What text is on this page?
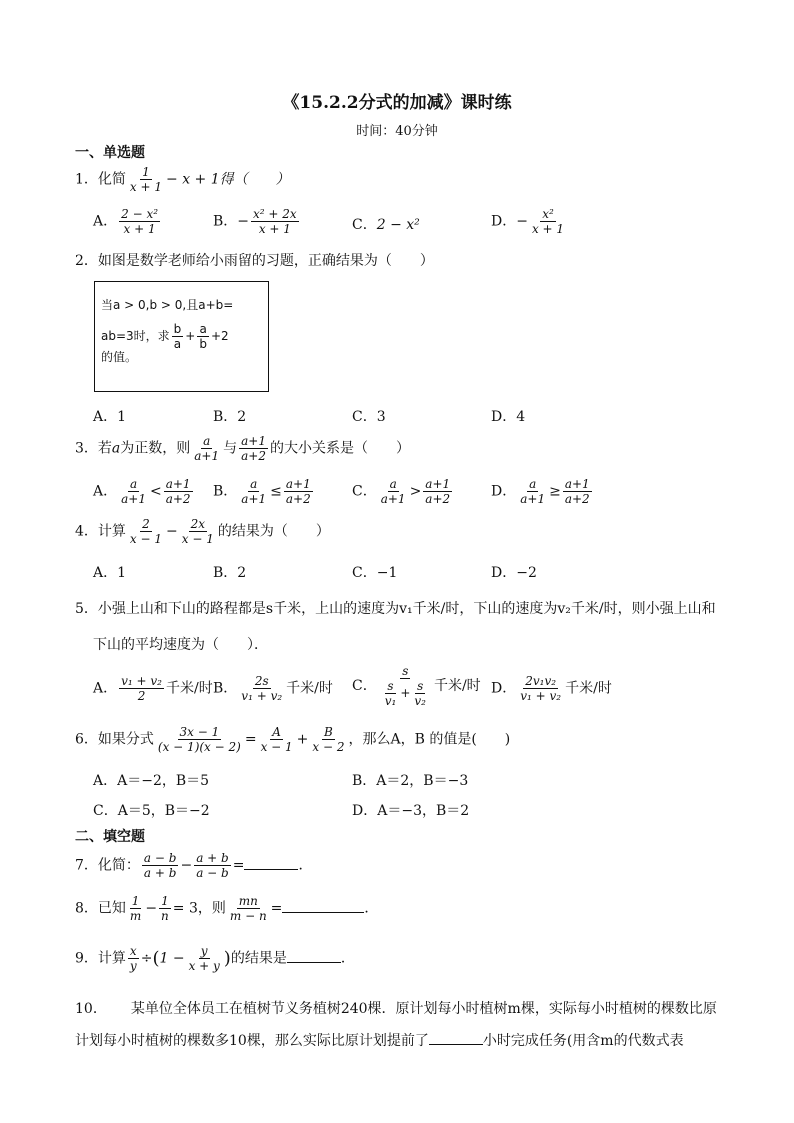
《15.2.2分式的加减》课时练
时间：40分钟
一、单选题
1．化简 $\frac{1}{x + 1} - x + 1$得（　　）
A． $\frac{\text{2 − x²}}{x + 1}$	B．− $\frac{\text{x² + 2x}}{x + 1}$	C．2 − x²	D．− $\frac{\text{x²}}{x + 1}$
2．如图是数学老师给小雨留的习题，正确结果为（　　）
当a > 0,b > 0,且a+b=
ab=3时，求 $\frac{b}{a} + \frac{a}{b} +2$
的值。
A．1	B．2	C．3	D．4
3．若a为正数，则 $\frac{a}{a+1}$ 与 $\frac{a+1}{a+2}$ 的大小关系是（　　）
A． $\frac{a}{a+1} < \frac{a+1}{a+2}$ B． $\frac{a}{a+1} \le \frac{a+1}{a+2}$	C． $\frac{a}{a+1} > \frac{a+1}{a+2}$	D． $\frac{a}{a+1} \ge \frac{a+1}{a+2}$
4．计算 $\frac{2}{x - 1} - \frac{2x}{x - 1}$ 的结果为（　　）
A．1	B．2	C．−1	D．−2
5．小强上山和下山的路程都是s千米，上山的速度为v₁千米/时，下山的速度为v₂千米/时，则小强上山和
下山的平均速度为（　　）．
A． $\frac{\text{v₁ + v₂}}{2}$ 千米/时 B． $\frac{2s}{\text{v₁ + v₂}}$ 千米/时 C． $\frac{s}{\frac{s}{\text{v₁}} + \frac{s}{\text{v₂}}}$ 千米/时 D． $\frac{\text{2v₁v₂}}{\text{v₁ + v₂}}$ 千米/时
6．如果分式 $\frac{3x - 1}{(x - 1)(x - 2)} = \frac{A}{x - 1} + \frac{B}{x - 2}$ ，那么A，B 的值是(　　)
A．A＝−2，B＝5	B．A＝2，B＝−3
C．A＝5，B＝−2	D．A＝−3，B＝2
二、填空题
7．化简： $\frac{a - b}{a + b} - \frac{a + b}{a - b}$ =	．
8．已知 $\frac{1}{m} - \frac{1}{n} = 3$，则 $\frac{mn}{m - n}$ =	．
9．计算 $\frac{x}{y} \div(1 - \frac{y}{x + y}$ )的结果是	．
10． 某单位全体员工在植树节义务植树240棵．原计划每小时植树m棵，实际每小时植树的棵数比原
计划每小时植树的棵数多10棵，那么实际比原计划提前了	小时完成任务(用含m的代数式表
